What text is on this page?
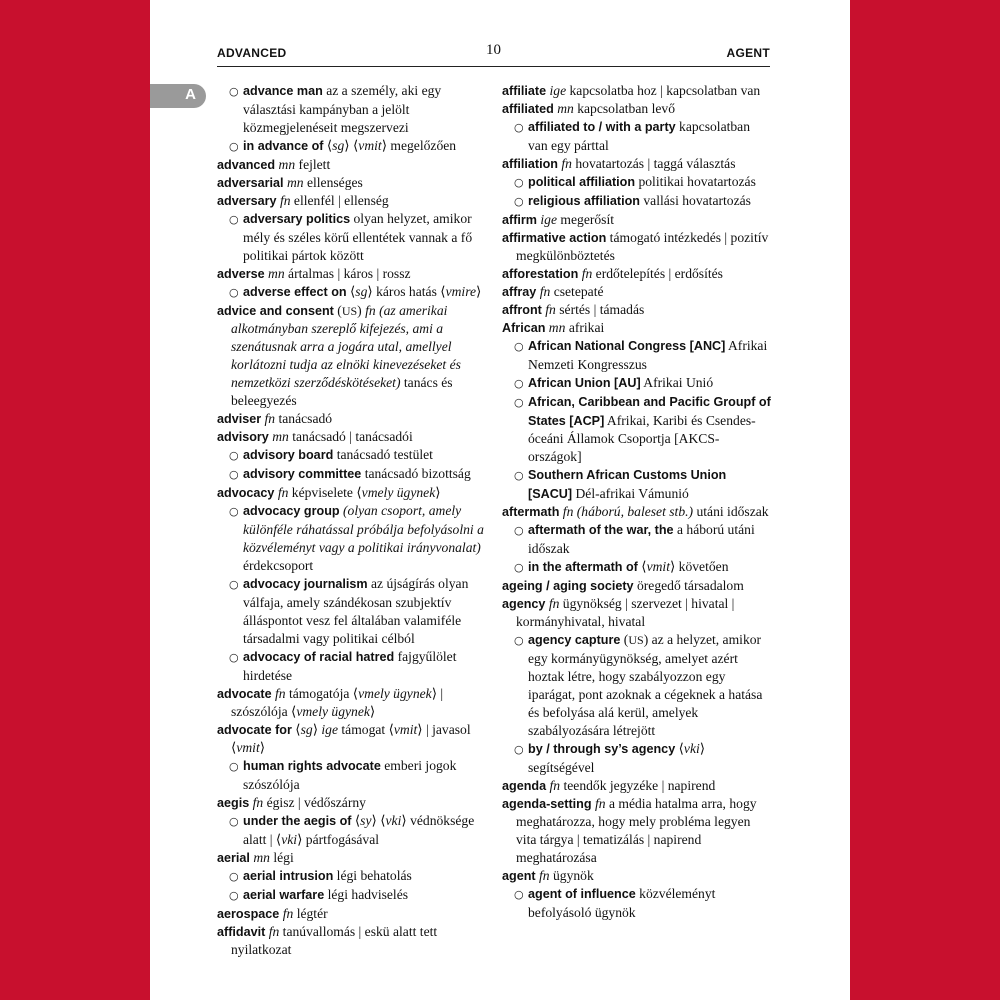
ADVANCED	10	AGENT
A	○ advance man az a személy, aki egy választási kampányban a jelölt közmegjelenéseit megszervezi
○ in advance of ⟨sg⟩ ⟨vmit⟩ megelőzően
advanced mn fejlett
adversarial mn ellenséges
adversary fn ellenfél | ellenség
○ adversary politics olyan helyzet, amikor mély és széles körű ellentétek vannak a fő politikai pártok között
adverse mn ártalmas | káros | rossz
○ adverse effect on ⟨sg⟩ káros hatás ⟨vmire⟩
advice and consent (US) fn (az amerikai alkotmányban szereplő kifejezés, ami a szenátusnak arra a jogára utal, amellyel korlátozni tudja az elnöki kinevezéseket és nemzetközi szerződéskötéseket) tanács és beleegyezés
adviser fn tanácsadó
advisory mn tanácsadó | tanácsadói
○ advisory board tanácsadó testület
○ advisory committee tanácsadó bizottság
advocacy fn képviselete ⟨vmely ügynek⟩
○ advocacy group (olyan csoport, amely különféle ráhatással próbálja befolyásolni a közvéleményt vagy a politikai irányvonalat) érdekcsoport
○ advocacy journalism az újságírás olyan válfaja, amely szándékosan szubjektív álláspontot vesz fel általában valamiféle társadalmi vagy politikai célból
○ advocacy of racial hatred fajgyűlölet hirdetése
advocate fn támogatója ⟨vmely ügynek⟩ | szószólója ⟨vmely ügynek⟩
advocate for ⟨sg⟩ ige támogat ⟨vmit⟩ | javasol ⟨vmit⟩
○ human rights advocate emberi jogok szószólója
aegis fn égisz | védőszárny
○ under the aegis of ⟨sy⟩ ⟨vki⟩ védnöksége alatt | ⟨vki⟩ pártfogásával
aerial mn légi
○ aerial intrusion légi behatolás
○ aerial warfare légi hadviselés
aerospace fn légtér
affidavit fn tanúvallomás | eskü alatt tett nyilatkozat
affiliate ige kapcsolatba hoz | kapcsolatban van
affiliated mn kapcsolatban levő
○ affiliated to / with a party kapcsolatban van egy párttal
affiliation fn hovatartozás | taggá választás
○ political affiliation politikai hovatartozás
○ religious affiliation vallási hovatartozás
affirm ige megerősít
affirmative action támogató intézkedés | pozitív megkülönböztetés
afforestation fn erdőtelepítés | erdősítés
affray fn csetepaté
affront fn sértés | támadás
African mn afrikai
○ African National Congress [ANC] Afrikai Nemzeti Kongresszus
○ African Union [AU] Afrikai Unió
○ African, Caribbean and Pacific Groupf of States [ACP] Afrikai, Karibi és Csendes-óceáni Államok Csoportja [AKCS-országok]
○ Southern African Customs Union [SACU] Dél-afrikai Vámunió
aftermath fn (háború, baleset stb.) utáni időszak
○ aftermath of the war, the a háború utáni időszak
○ in the aftermath of ⟨vmit⟩ követően
ageing / aging society öregedő társadalom
agency fn ügynökség | szervezet | hivatal | kormányhivatal, hivatal
○ agency capture (US) az a helyzet, amikor egy kormányügynökség, amelyet azért hoztak létre, hogy szabályozzon egy iparágat, pont azoknak a cégeknek a hatása és befolyása alá kerül, amelyek szabályozására létrejött
○ by / through sy’s agency ⟨vki⟩ segítségével
agenda fn teendők jegyzéke | napirend
agenda-setting fn a média hatalma arra, hogy meghatározza, hogy mely probléma legyen vita tárgya | tematizálás | napirend meghatározása
agent fn ügynök
○ agent of influence közvéleményt befolyásoló ügynök
